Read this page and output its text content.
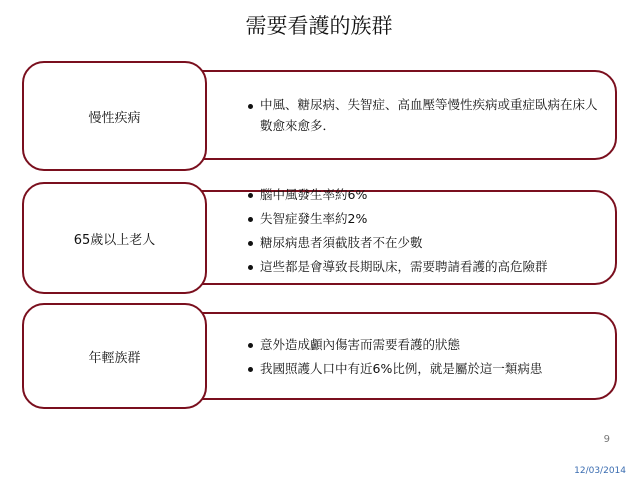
需要看護的族群
慢性疾病
中風、糖尿病、失智症、高血壓等慢性疾病或重症臥病在床人數愈來愈多．
65歲以上老人
腦中風發生率約6%
失智症發生率約2%
糖尿病患者須截肢者不在少數
這些都是會導致長期臥床，需要聘請看護的高危險群
年輕族群
意外造成顱內傷害而需要看護的狀態
我國照護人口中有近6%比例，就是屬於這一類病患
9
12/03/2014
